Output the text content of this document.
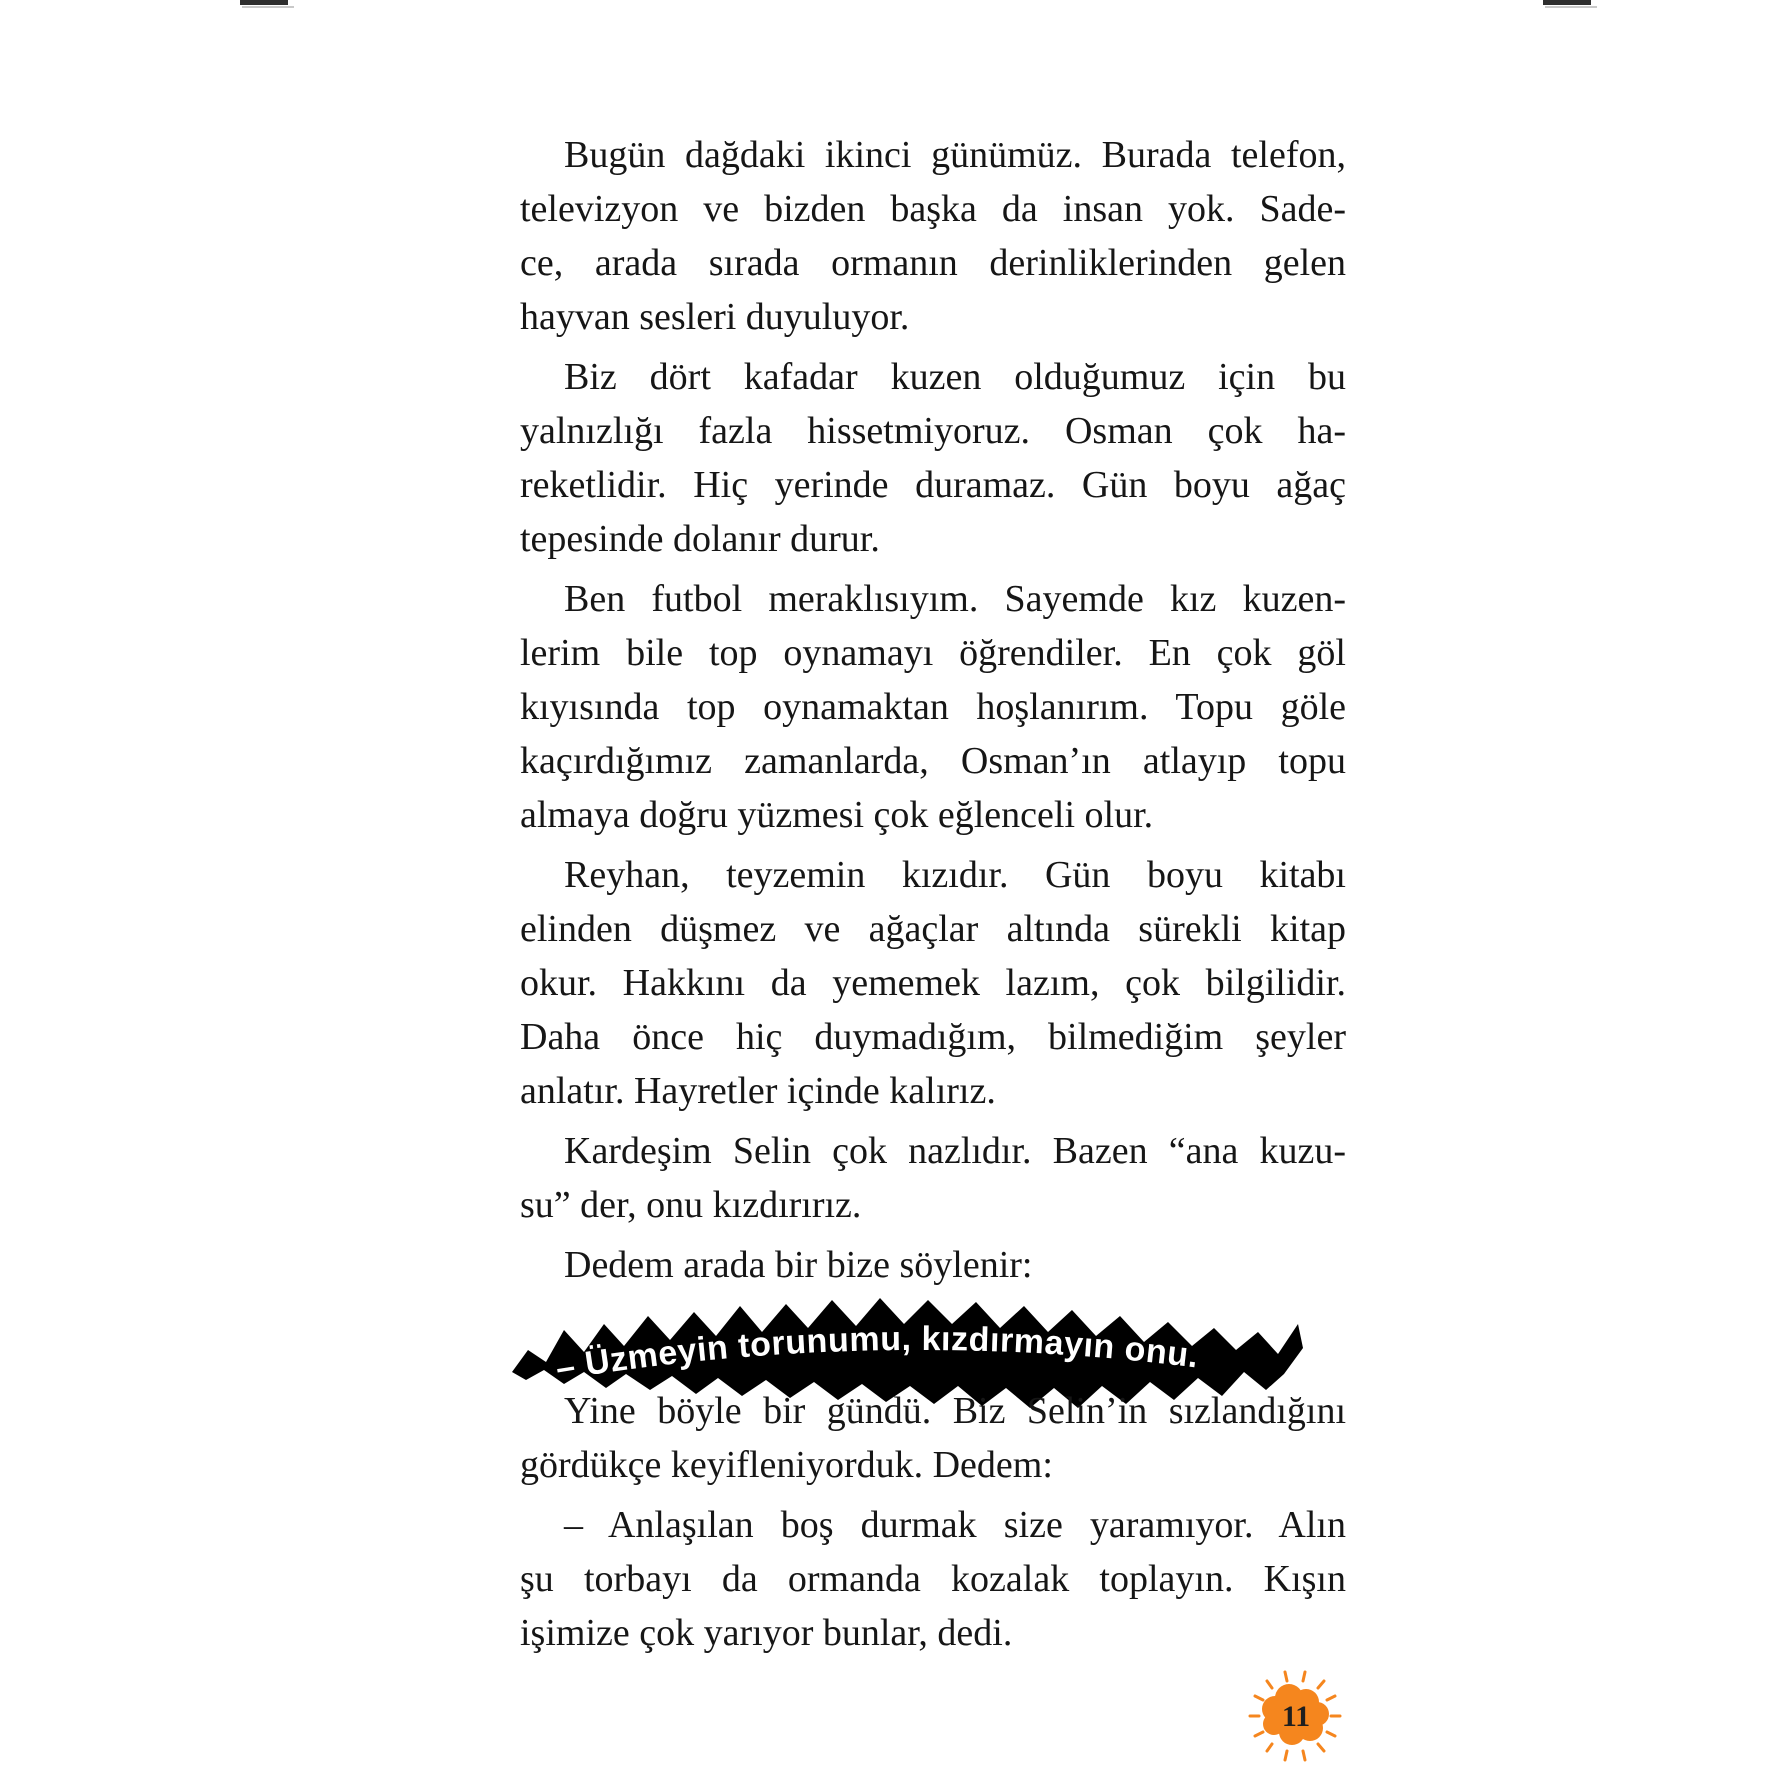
Bugün dağdaki ikinci günümüz. Burada telefon,
televizyon ve bizden başka da insan yok. Sade-
ce, arada sırada ormanın derinliklerinden gelen
hayvan sesleri duyuluyor.
Biz dört kafadar kuzen olduğumuz için bu
yalnızlığı fazla hissetmiyoruz. Osman çok ha-
reketlidir. Hiç yerinde duramaz. Gün boyu ağaç
tepesinde dolanır durur.
Ben futbol meraklısıyım. Sayemde kız kuzen-
lerim bile top oynamayı öğrendiler. En çok göl
kıyısında top oynamaktan hoşlanırım. Topu göle
kaçırdığımız zamanlarda, Osman’ın atlayıp topu
almaya doğru yüzmesi çok eğlenceli olur.
Reyhan, teyzemin kızıdır. Gün boyu kitabı
elinden düşmez ve ağaçlar altında sürekli kitap
okur. Hakkını da yememek lazım, çok bilgilidir.
Daha önce hiç duymadığım, bilmediğim şeyler
anlatır. Hayretler içinde kalırız.
Kardeşim Selin çok nazlıdır. Bazen “ana kuzu-
su” der, onu kızdırırız.
Dedem arada bir bize söylenir:
– Üzmeyin torunumu, kızdırmayın onu.
Yine böyle bir gündü. Biz Selin’in sızlandığını
gördükçe keyifleniyorduk. Dedem:
– Anlaşılan boş durmak size yaramıyor. Alın
şu torbayı da ormanda kozalak toplayın. Kışın
işimize çok yarıyor bunlar, dedi.
11
